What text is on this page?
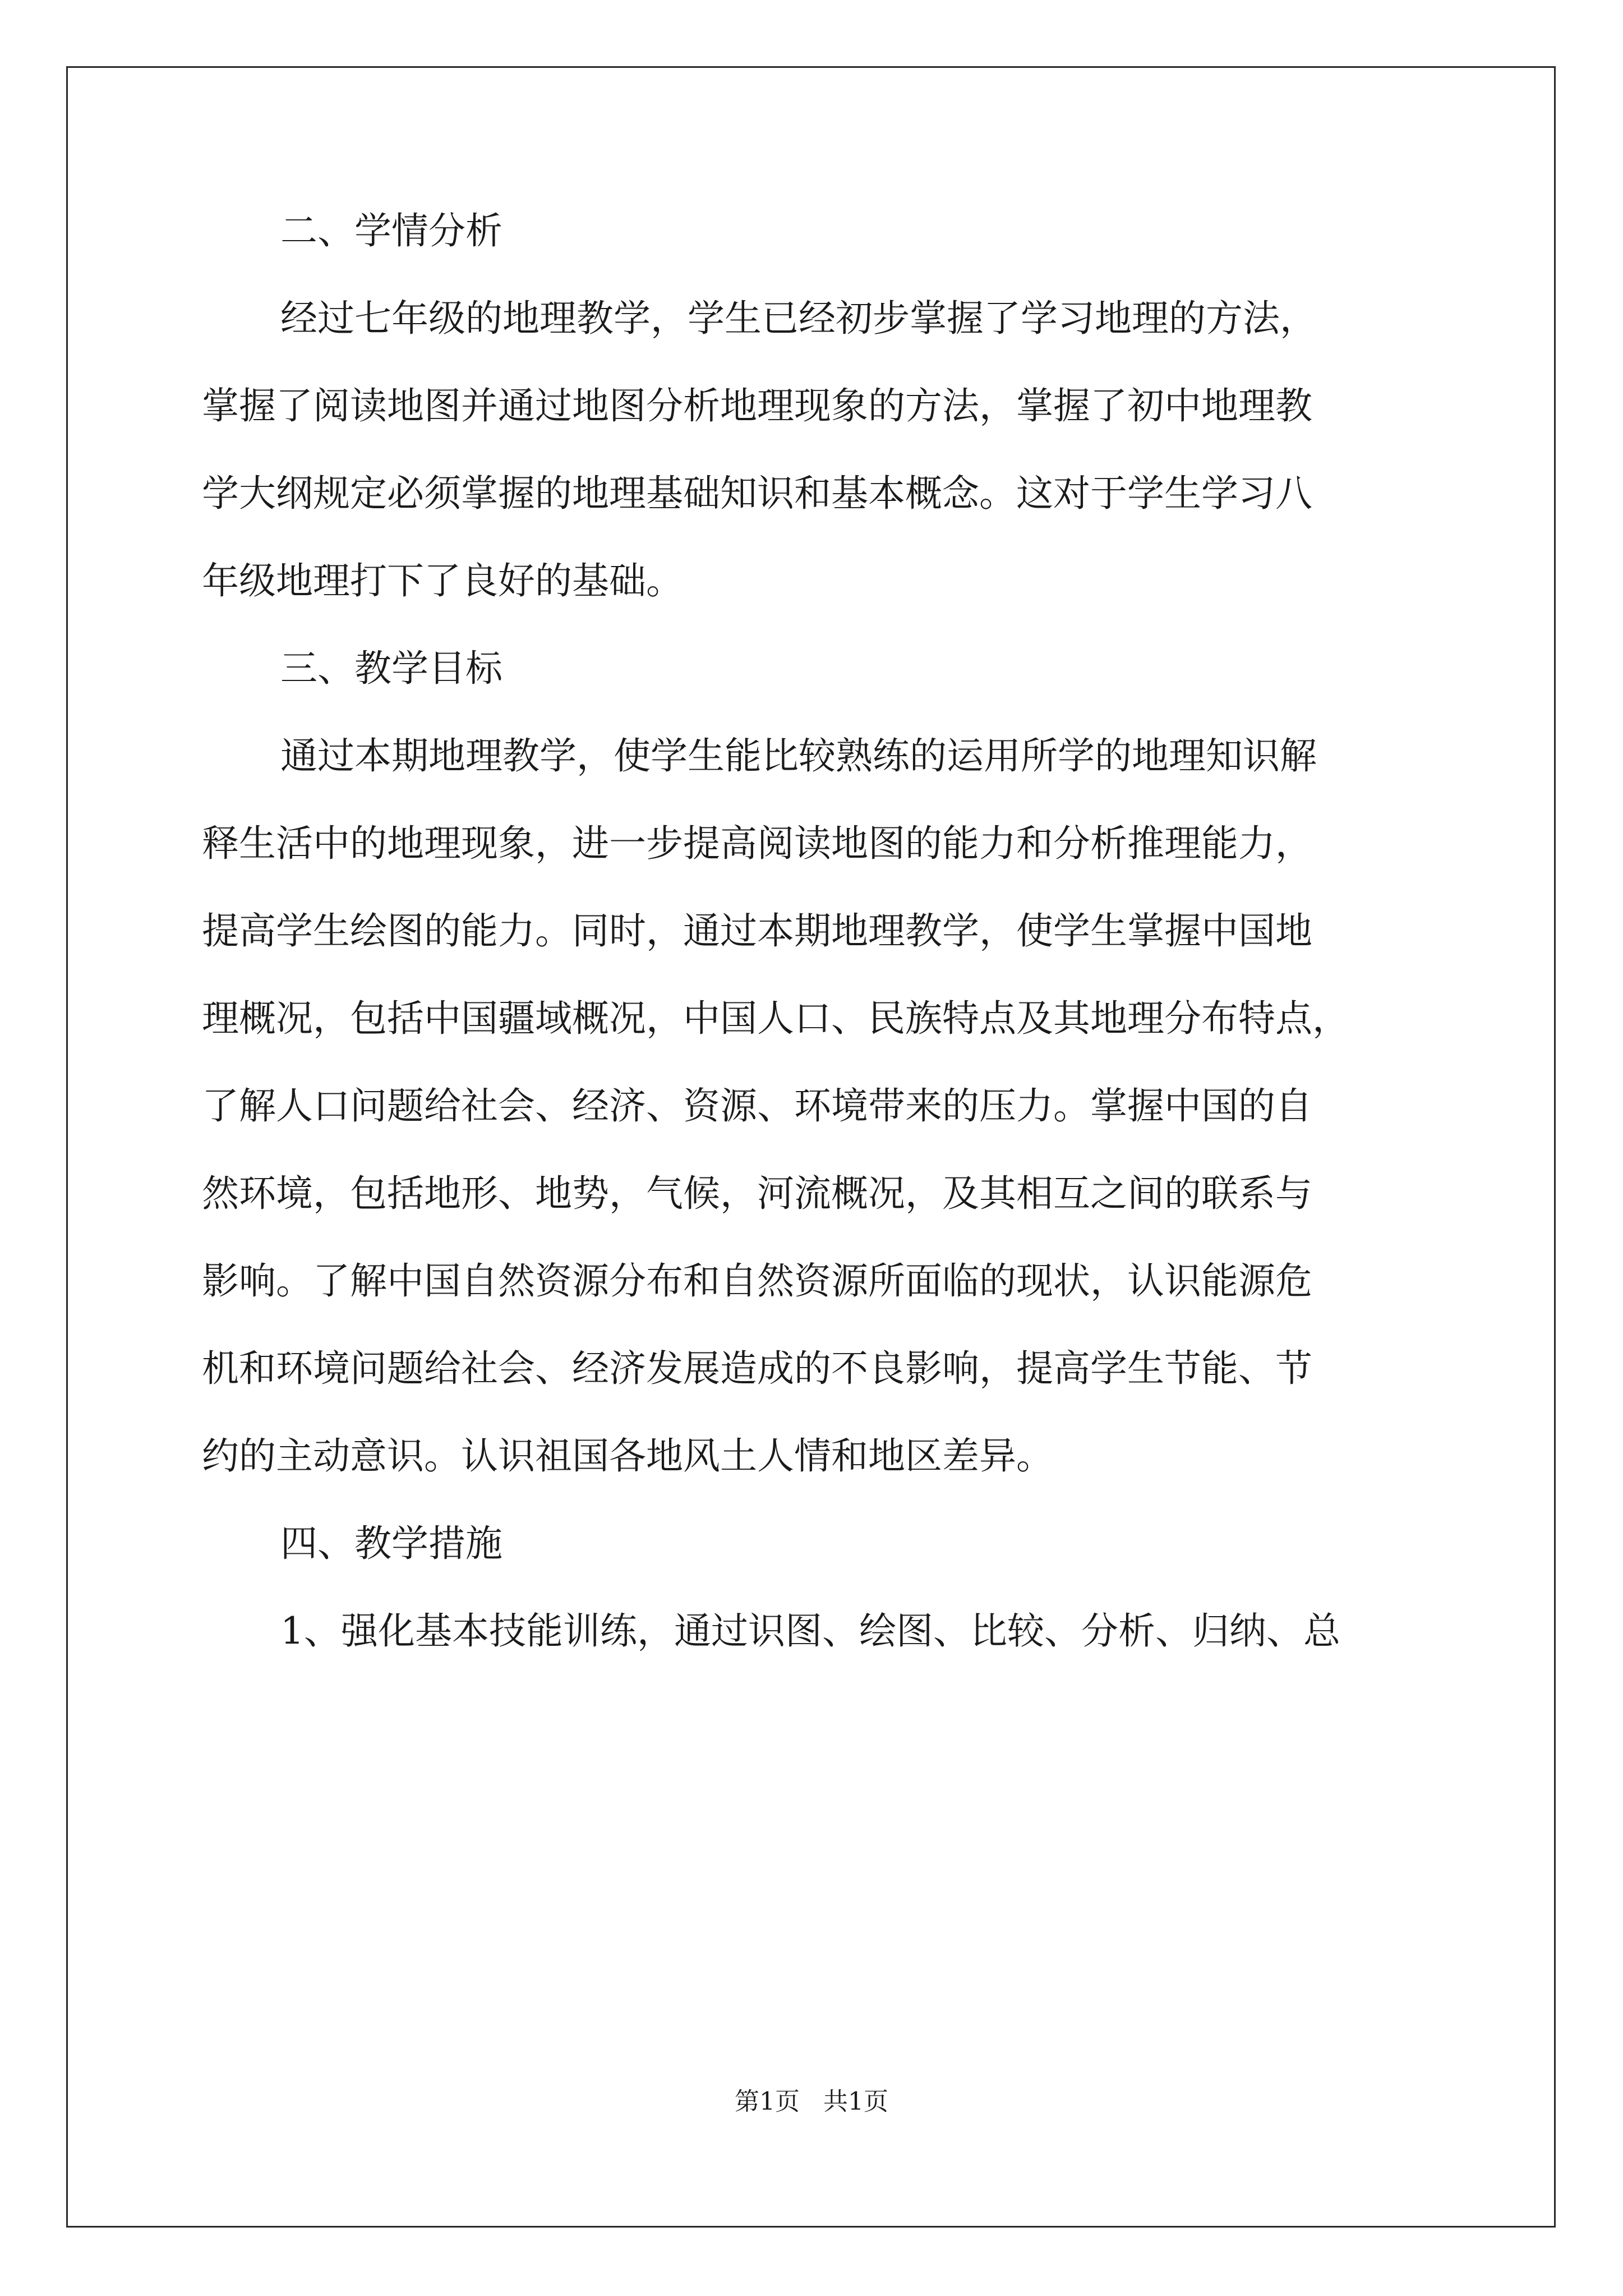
二、学情分析
经过七年级的地理教学，学生已经初步掌握了学习地理的方法，
掌握了阅读地图并通过地图分析地理现象的方法，掌握了初中地理教
学大纲规定必须掌握的地理基础知识和基本概念。这对于学生学习八
年级地理打下了良好的基础。
三、教学目标
通过本期地理教学，使学生能比较熟练的运用所学的地理知识解
释生活中的地理现象，进一步提高阅读地图的能力和分析推理能力，
提高学生绘图的能力。同时，通过本期地理教学，使学生掌握中国地
理概况，包括中国疆域概况，中国人口、民族特点及其地理分布特点，
了解人口问题给社会、经济、资源、环境带来的压力。掌握中国的自
然环境，包括地形、地势，气候，河流概况，及其相互之间的联系与
影响。了解中国自然资源分布和自然资源所面临的现状，认识能源危
机和环境问题给社会、经济发展造成的不良影响，提高学生节能、节
约的主动意识。认识祖国各地风土人情和地区差异。
四、教学措施
1、强化基本技能训练，通过识图、绘图、比较、分析、归纳、总
第1页   共1页
